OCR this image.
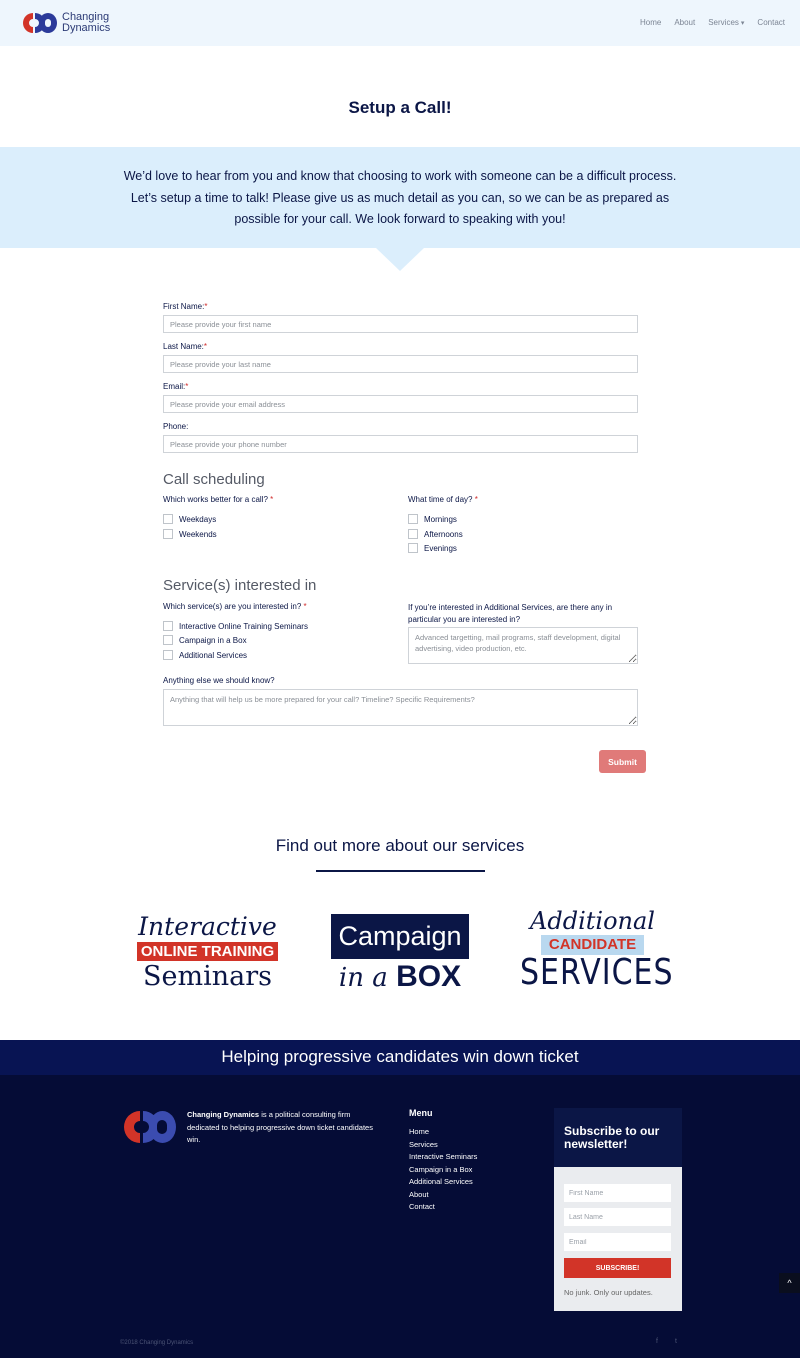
Changing
Dynamics	Home About Services ▾ Contact
Setup a Call!

We’d love to hear from you and know that choosing to work with someone can be a difficult process. Let’s setup a time to talk! Please give us as much detail as you can, so we can be as prepared as possible for your call. We look forward to speaking with you!

First Name:*
Please provide your first name
Last Name:*
Please provide your last name
Email:*
Please provide your email address
Phone:
Please provide your phone number
Call scheduling
Which works better for a call? *
Weekdays
Weekends
What time of day? *
Mornings
Afternoons
Evenings
Service(s) interested in
Which service(s) are you interested in? *
Interactive Online Training Seminars
Campaign in a Box
Additional Services
If you’re interested in Additional Services, are there any in particular you are interested in?
Advanced targetting, mail programs, staff development, digital advertising, video production, etc.
Anything else we should know?
Anything that will help us be more prepared for your call? Timeline? Specific Requirements?
Submit
Find out more about our services
Interactive
ONLINE TRAINING
Seminars
Campaign
in a BOX
Additional
CANDIDATE
SERVICES
Helping progressive candidates win down ticket
Changing Dynamics is a political consulting firm dedicated to helping progressive down ticket candidates win.
Menu
Home
Services
Interactive Seminars
Campaign in a Box
Additional Services
About
Contact
Subscribe to our newsletter!
First Name
Last Name
Email
SUBSCRIBE!
No junk. Only our updates.
©2018 Changing Dynamics	f t
^
